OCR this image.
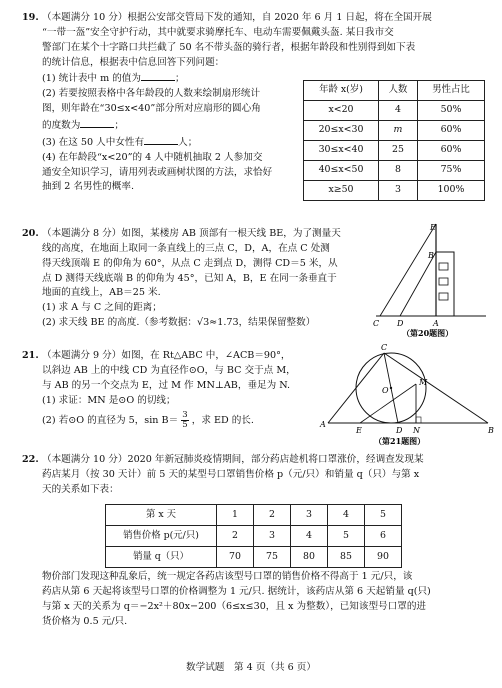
19. （本题满分 10 分）根据公安部交管局下发的通知，自 2020 年 6 月 1 日起，将在全国开展
“一带一盔”安全守护行动，其中就要求骑摩托车、电动车需要佩戴头盔. 某日我市交
警部门在某个十字路口共拦截了 50 名不带头盔的骑行者，根据年龄段和性别得到如下表
的统计信息，根据表中信息回答下列问题：
(1) 统计表中 m 的值为	；
(2) 若要按照表格中各年龄段的人数来绘制扇形统计
图，则年龄在“30≤x<40”部分所对应扇形的圆心角
的度数为	；
(3) 在这 50 人中女性有	人；
(4) 在年龄段“x<20”的 4 人中随机抽取 2 人参加交
通安全知识学习，请用列表或画树状图的方法，求恰好
抽到 2 名男性的概率.
年龄 x(岁)	人数	男性占比
x<20	4	50%
20≤x<30	m	60%
30≤x<40	25	60%
40≤x<50	8	75%
x≥50	3	100%
20. （本题满分 8 分）如图，某楼房 AB 顶部有一根天线 BE，为了测量天
线的高度，在地面上取同一条直线上的三点 C，D，A，在点 C 处测
得天线顶端 E 的仰角为 60°，从点 C 走到点 D，测得 CD＝5 米，从
点 D 测得天线底端 B 的仰角为 45°，已知 A，B，E 在同一条垂直于
地面的直线上，AB＝25 米.
(1) 求 A 与 C 之间的距离；
(2) 求天线 BE 的高度.（参考数据：√3≈1.73，结果保留整数）
E
B
C D	A
（第20题图）
21. （本题满分 9 分）如图，在 Rt△ABC 中，∠ACB＝90°，
以斜边 AB 上的中线 CD 为直径作⊙O，与 BC 交于点 M，
与 AB 的另一个交点为 E，过 M 作 MN⊥AB，垂足为 N.
(1) 求证：MN 是⊙O 的切线；
(2) 若⊙O 的直径为 5，$\sin B= \frac{3}{5}$ ，求 ED 的长.
C
O
M
A
E	D N	B
（第21题图）
22. （本题满分 10 分）2020 年新冠肺炎疫情期间，部分药店趁机将口罩涨价，经调查发现某
药店某月（按 30 天计）前 5 天的某型号口罩销售价格 p（元/只）和销量 q（只）与第 x
天的关系如下表：
第 x 天	1	2	3	4	5
销售价格 p(元/只)	2	3	4	5	6
销量 q（只）	70	75	80	85	90
物价部门发现这种乱象后，统一规定各药店该型号口罩的销售价格不得高于 1 元/只，该
药店从第 6 天起将该型号口罩的价格调整为 1 元/只. 据统计，该药店从第 6 天起销量 q(只)
与第 x 天的关系为 q＝−2x²＋80x−200（6≤x≤30，且 x 为整数），已知该型号口罩的进
货价格为 0.5 元/只.
数学试题　第 4 页（共 6 页）
